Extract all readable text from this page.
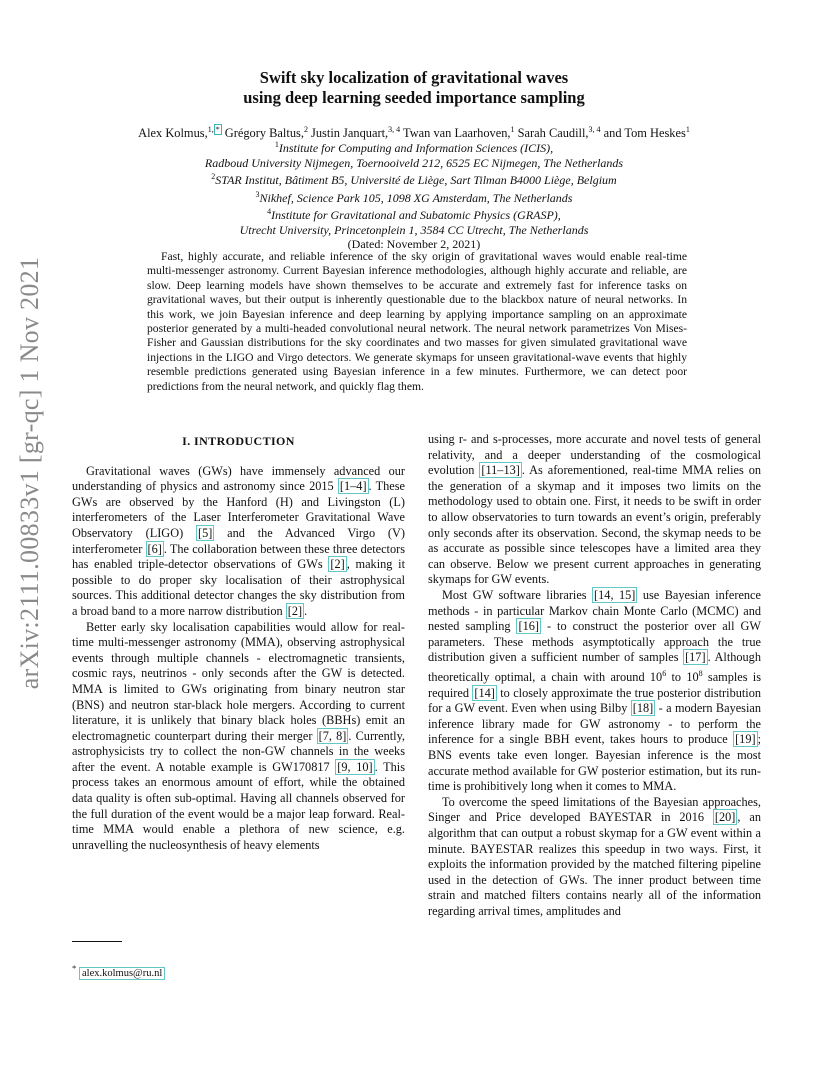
arXiv:2111.00833v1 [gr-qc] 1 Nov 2021
Swift sky localization of gravitational waves
using deep learning seeded importance sampling
Alex Kolmus,$^{1,}$ * Grégory Baltus,$^2$ Justin Janquart,$^{3, 4}$ Twan van Laarhoven,$^1$ Sarah Caudill,$^{3, 4}$ and Tom Heskes$^1$
$^1$Institute for Computing and Information Sciences (ICIS),
Radboud University Nijmegen, Toernooiveld 212, 6525 EC Nijmegen, The Netherlands
$^2$STAR Institut, Bâtiment B5, Université de Liège, Sart Tilman B4000 Liège, Belgium
$^3$Nikhef, Science Park 105, 1098 XG Amsterdam, The Netherlands
$^4$Institute for Gravitational and Subatomic Physics (GRASP),
Utrecht University, Princetonplein 1, 3584 CC Utrecht, The Netherlands
(Dated: November 2, 2021)

Fast, highly accurate, and reliable inference of the sky origin of gravitational waves would enable real-time multi-messenger astronomy. Current Bayesian inference methodologies, although highly accurate and reliable, are slow. Deep learning models have shown themselves to be accurate and extremely fast for inference tasks on gravitational waves, but their output is inherently questionable due to the blackbox nature of neural networks. In this work, we join Bayesian inference and deep learning by applying importance sampling on an approximate posterior generated by a multi-headed convolutional neural network. The neural network parametrizes Von Mises-Fisher and Gaussian distributions for the sky coordinates and two masses for given simulated gravitational wave injections in the LIGO and Virgo detectors. We generate skymaps for unseen gravitational-wave events that highly resemble predictions generated using Bayesian inference in a few minutes. Furthermore, we can detect poor predictions from the neural network, and quickly flag them.

I. INTRODUCTION

Gravitational waves (GWs) have immensely advanced our understanding of physics and astronomy since 2015 [1–4] . These GWs are observed by the Hanford (H) and Livingston (L) interferometers of the Laser Interferometer Gravitational Wave Observatory (LIGO) [5] and the Advanced Virgo (V) interferometer [6] . The collaboration between these three detectors has enabled triple-detector observations of GWs [2] , making it possible to do proper sky localisation of their astrophysical sources. This additional detector changes the sky distribution from a broad band to a more narrow distribution [2] .

Better early sky localisation capabilities would allow for real-time multi-messenger astronomy (MMA), observing astrophysical events through multiple channels - electromagnetic transients, cosmic rays, neutrinos - only seconds after the GW is detected. MMA is limited to GWs originating from binary neutron star (BNS) and neutron star-black hole mergers. According to current literature, it is unlikely that binary black holes (BBHs) emit an electromagnetic counterpart during their merger [7, 8] . Currently, astrophysicists try to collect the non-GW channels in the weeks after the event. A notable example is GW170817 [9, 10] . This process takes an enormous amount of effort, while the obtained data quality is often sub-optimal. Having all channels observed for the full duration of the event would be a major leap forward. Real-time MMA would enable a plethora of new science, e.g. unravelling the nucleosynthesis of heavy elements

using r- and s-processes, more accurate and novel tests of general relativity, and a deeper understanding of the cosmological evolution [11–13] . As aforementioned, real-time MMA relies on the generation of a skymap and it imposes two limits on the methodology used to obtain one. First, it needs to be swift in order to allow observatories to turn towards an event’s origin, preferably only seconds after its observation. Second, the skymap needs to be as accurate as possible since telescopes have a limited area they can observe. Below we present current approaches in generating skymaps for GW events.

Most GW software libraries [14, 15] use Bayesian inference methods - in particular Markov chain Monte Carlo (MCMC) and nested sampling [16] - to construct the posterior over all GW parameters. These methods asymptotically approach the true distribution given a sufficient number of samples [17] . Although theoretically optimal, a chain with around $10^6$ to $10^8$ samples is required [14] to closely approximate the true posterior distribution for a GW event. Even when using Bilby [18] - a modern Bayesian inference library made for GW astronomy - to perform the inference for a single BBH event, takes hours to produce [19] ; BNS events take even longer. Bayesian inference is the most accurate method available for GW posterior estimation, but its run-time is prohibitively long when it comes to MMA.

To overcome the speed limitations of the Bayesian approaches, Singer and Price developed BAYESTAR in 2016 [20] , an algorithm that can output a robust skymap for a GW event within a minute. BAYESTAR realizes this speedup in two ways. First, it exploits the information provided by the matched filtering pipeline used in the detection of GWs. The inner product between time strain and matched filters contains nearly all of the information regarding arrival times, amplitudes and

* alex.kolmus@ru.nl
